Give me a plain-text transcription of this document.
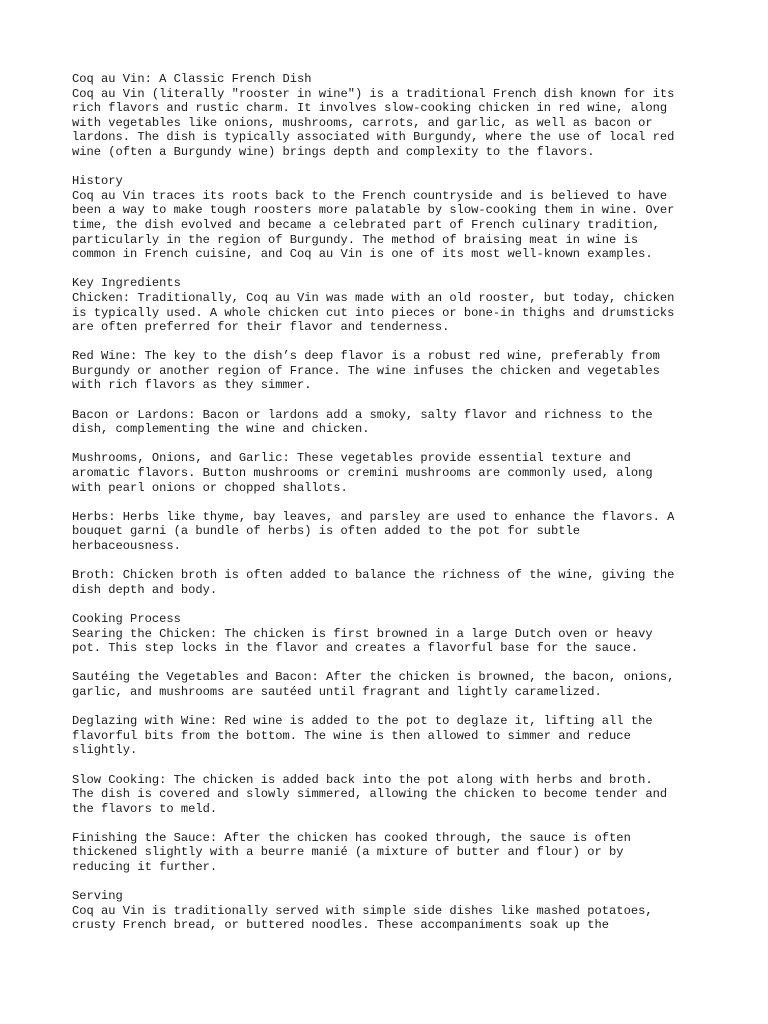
Coq au Vin: A Classic French Dish
Coq au Vin (literally "rooster in wine") is a traditional French dish known for its
rich flavors and rustic charm. It involves slow-cooking chicken in red wine, along
with vegetables like onions, mushrooms, carrots, and garlic, as well as bacon or
lardons. The dish is typically associated with Burgundy, where the use of local red
wine (often a Burgundy wine) brings depth and complexity to the flavors.
History
Coq au Vin traces its roots back to the French countryside and is believed to have
been a way to make tough roosters more palatable by slow-cooking them in wine. Over
time, the dish evolved and became a celebrated part of French culinary tradition,
particularly in the region of Burgundy. The method of braising meat in wine is
common in French cuisine, and Coq au Vin is one of its most well-known examples.
Key Ingredients
Chicken: Traditionally, Coq au Vin was made with an old rooster, but today, chicken
is typically used. A whole chicken cut into pieces or bone-in thighs and drumsticks
are often preferred for their flavor and tenderness.
Red Wine: The key to the dish’s deep flavor is a robust red wine, preferably from
Burgundy or another region of France. The wine infuses the chicken and vegetables
with rich flavors as they simmer.
Bacon or Lardons: Bacon or lardons add a smoky, salty flavor and richness to the
dish, complementing the wine and chicken.
Mushrooms, Onions, and Garlic: These vegetables provide essential texture and
aromatic flavors. Button mushrooms or cremini mushrooms are commonly used, along
with pearl onions or chopped shallots.
Herbs: Herbs like thyme, bay leaves, and parsley are used to enhance the flavors. A
bouquet garni (a bundle of herbs) is often added to the pot for subtle
herbaceousness.
Broth: Chicken broth is often added to balance the richness of the wine, giving the
dish depth and body.
Cooking Process
Searing the Chicken: The chicken is first browned in a large Dutch oven or heavy
pot. This step locks in the flavor and creates a flavorful base for the sauce.
Sautéing the Vegetables and Bacon: After the chicken is browned, the bacon, onions,
garlic, and mushrooms are sautéed until fragrant and lightly caramelized.
Deglazing with Wine: Red wine is added to the pot to deglaze it, lifting all the
flavorful bits from the bottom. The wine is then allowed to simmer and reduce
slightly.
Slow Cooking: The chicken is added back into the pot along with herbs and broth.
The dish is covered and slowly simmered, allowing the chicken to become tender and
the flavors to meld.
Finishing the Sauce: After the chicken has cooked through, the sauce is often
thickened slightly with a beurre manié (a mixture of butter and flour) or by
reducing it further.
Serving
Coq au Vin is traditionally served with simple side dishes like mashed potatoes,
crusty French bread, or buttered noodles. These accompaniments soak up the
